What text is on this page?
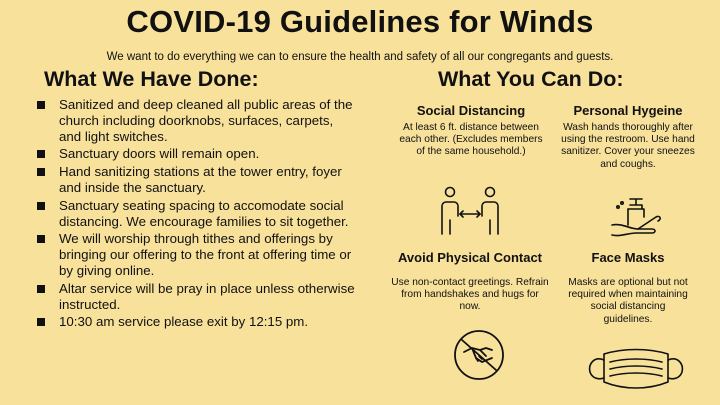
COVID-19 Guidelines for Winds
We want to do everything we can to ensure the health and safety of all our congregants and guests.
What We Have Done:
Sanitized and deep cleaned all public areas of the church including doorknobs, surfaces, carpets, and light switches.
Sanctuary doors will remain open.
Hand sanitizing stations at the tower entry, foyer and inside the sanctuary.
Sanctuary seating spacing to accomodate social distancing. We encourage families to sit together.
We will worship through tithes and offerings by bringing our offering to the front at offering time or by giving online.
Altar service will be pray in place unless otherwise instructed.
10:30 am service please exit by 12:15 pm.
What You Can Do:
Social Distancing
At least 6 ft. distance between each other. (Excludes members of the same household.)
Personal Hygeine
Wash hands thoroughly after using the restroom. Use hand sanitizer. Cover your sneezes and coughs.
Avoid Physical Contact
Use non-contact greetings. Refrain from handshakes and hugs for now.
Face Masks
Masks are optional but not required when maintaining social distancing guidelines.
